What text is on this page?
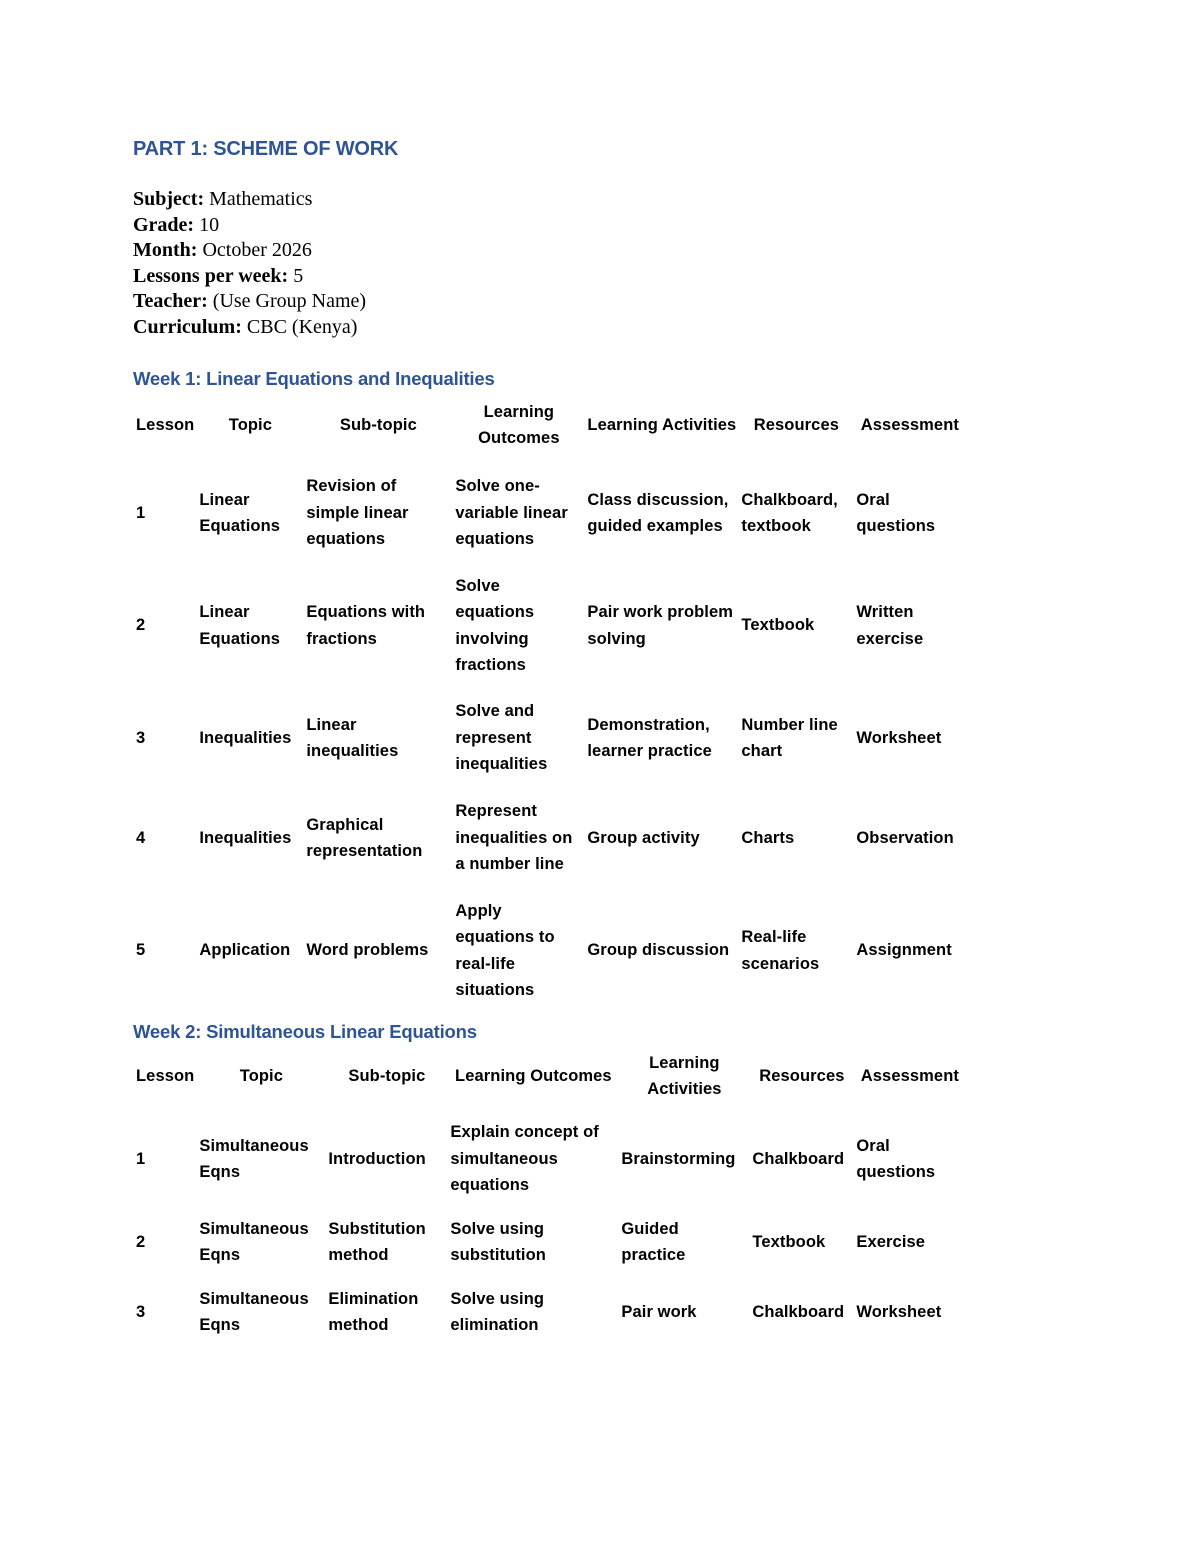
PART 1: SCHEME OF WORK
Subject: Mathematics
Grade: 10
Month: October 2026
Lessons per week: 5
Teacher: (Use Group Name)
Curriculum: CBC (Kenya)
Week 1: Linear Equations and Inequalities
Lesson	Topic	Sub-topic	Learning Outcomes	Learning Activities	Resources	Assessment
1	Linear Equations	Revision of simple linear equations	Solve one-variable linear equations	Class discussion, guided examples	Chalkboard, textbook	Oral questions
2	Linear Equations	Equations with fractions	Solve equations involving fractions	Pair work problem solving	Textbook	Written exercise
3	Inequalities	Linear inequalities	Solve and represent inequalities	Demonstration, learner practice	Number line chart	Worksheet
4	Inequalities	Graphical representation	Represent inequalities on a number line	Group activity	Charts	Observation
5	Application	Word problems	Apply equations to real-life situations	Group discussion	Real-life scenarios	Assignment
Week 2: Simultaneous Linear Equations
Lesson	Topic	Sub-topic	Learning Outcomes	Learning Activities	Resources	Assessment
1	Simultaneous Eqns	Introduction	Explain concept of simultaneous equations	Brainstorming	Chalkboard	Oral questions
2	Simultaneous Eqns	Substitution method	Solve using substitution	Guided practice	Textbook	Exercise
3	Simultaneous Eqns	Elimination method	Solve using elimination	Pair work	Chalkboard	Worksheet
